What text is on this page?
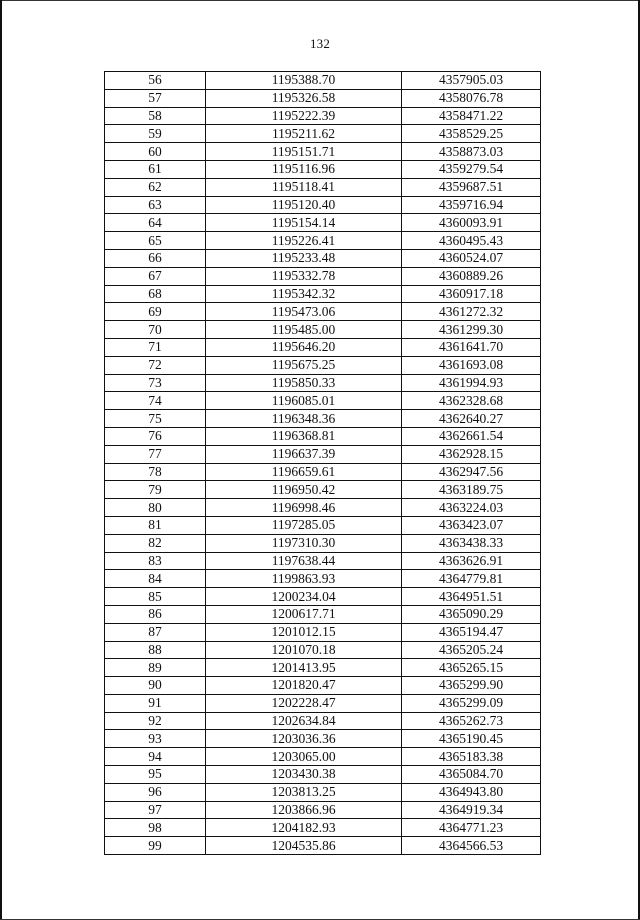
132
56	1195388.70	4357905.03
57	1195326.58	4358076.78
58	1195222.39	4358471.22
59	1195211.62	4358529.25
60	1195151.71	4358873.03
61	1195116.96	4359279.54
62	1195118.41	4359687.51
63	1195120.40	4359716.94
64	1195154.14	4360093.91
65	1195226.41	4360495.43
66	1195233.48	4360524.07
67	1195332.78	4360889.26
68	1195342.32	4360917.18
69	1195473.06	4361272.32
70	1195485.00	4361299.30
71	1195646.20	4361641.70
72	1195675.25	4361693.08
73	1195850.33	4361994.93
74	1196085.01	4362328.68
75	1196348.36	4362640.27
76	1196368.81	4362661.54
77	1196637.39	4362928.15
78	1196659.61	4362947.56
79	1196950.42	4363189.75
80	1196998.46	4363224.03
81	1197285.05	4363423.07
82	1197310.30	4363438.33
83	1197638.44	4363626.91
84	1199863.93	4364779.81
85	1200234.04	4364951.51
86	1200617.71	4365090.29
87	1201012.15	4365194.47
88	1201070.18	4365205.24
89	1201413.95	4365265.15
90	1201820.47	4365299.90
91	1202228.47	4365299.09
92	1202634.84	4365262.73
93	1203036.36	4365190.45
94	1203065.00	4365183.38
95	1203430.38	4365084.70
96	1203813.25	4364943.80
97	1203866.96	4364919.34
98	1204182.93	4364771.23
99	1204535.86	4364566.53
